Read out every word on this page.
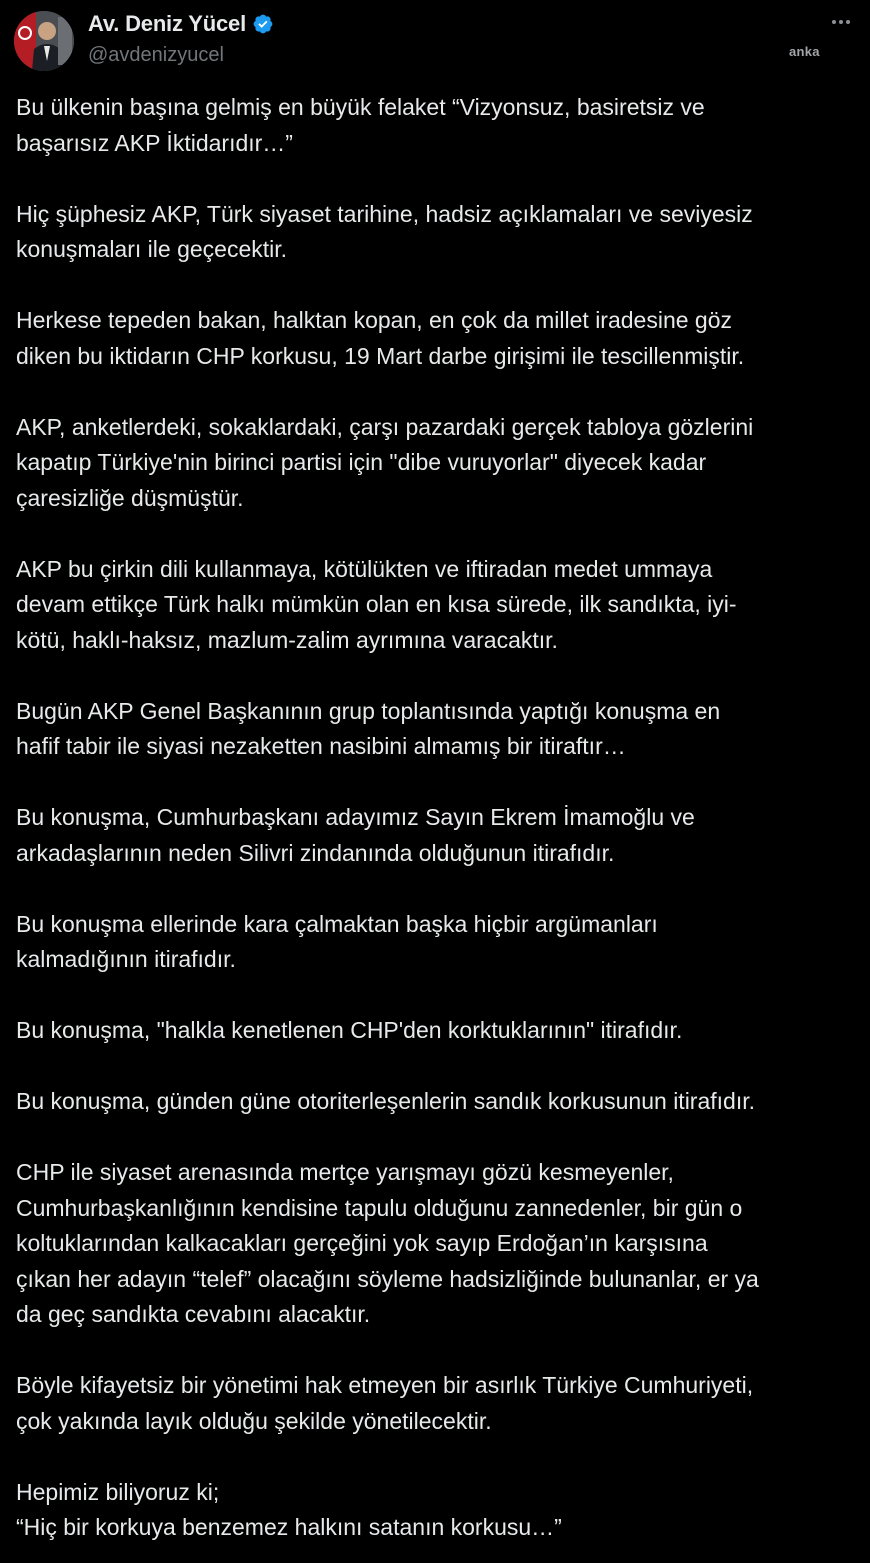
Av. Deniz Yücel
@avdenizyucel	anka

Bu ülkenin başına gelmiş en büyük felaket “Vizyonsuz, basiretsiz ve
başarısız AKP İktidarıdır…”

Hiç şüphesiz AKP, Türk siyaset tarihine, hadsiz açıklamaları ve seviyesiz
konuşmaları ile geçecektir.

Herkese tepeden bakan, halktan kopan, en çok da millet iradesine göz
diken bu iktidarın CHP korkusu, 19 Mart darbe girişimi ile tescillenmiştir.

AKP, anketlerdeki, sokaklardaki, çarşı pazardaki gerçek tabloya gözlerini
kapatıp Türkiye'nin birinci partisi için "dibe vuruyorlar" diyecek kadar
çaresizliğe düşmüştür.

AKP bu çirkin dili kullanmaya, kötülükten ve iftiradan medet ummaya
devam ettikçe Türk halkı mümkün olan en kısa sürede, ilk sandıkta, iyi-
kötü, haklı-haksız, mazlum-zalim ayrımına varacaktır.

Bugün AKP Genel Başkanının grup toplantısında yaptığı konuşma en
hafif tabir ile siyasi nezaketten nasibini almamış bir itiraftır…

Bu konuşma, Cumhurbaşkanı adayımız Sayın Ekrem İmamoğlu ve
arkadaşlarının neden Silivri zindanında olduğunun itirafıdır.

Bu konuşma ellerinde kara çalmaktan başka hiçbir argümanları
kalmadığının itirafıdır.

Bu konuşma, "halkla kenetlenen CHP'den korktuklarının" itirafıdır.

Bu konuşma, günden güne otoriterleşenlerin sandık korkusunun itirafıdır.

CHP ile siyaset arenasında mertçe yarışmayı gözü kesmeyenler,
Cumhurbaşkanlığının kendisine tapulu olduğunu zannedenler, bir gün o
koltuklarından kalkacakları gerçeğini yok sayıp Erdoğan’ın karşısına
çıkan her adayın “telef” olacağını söyleme hadsizliğinde bulunanlar, er ya
da geç sandıkta cevabını alacaktır.

Böyle kifayetsiz bir yönetimi hak etmeyen bir asırlık Türkiye Cumhuriyeti,
çok yakında layık olduğu şekilde yönetilecektir.

Hepimiz biliyoruz ki;
“Hiç bir korkuya benzemez halkını satanın korkusu…”
